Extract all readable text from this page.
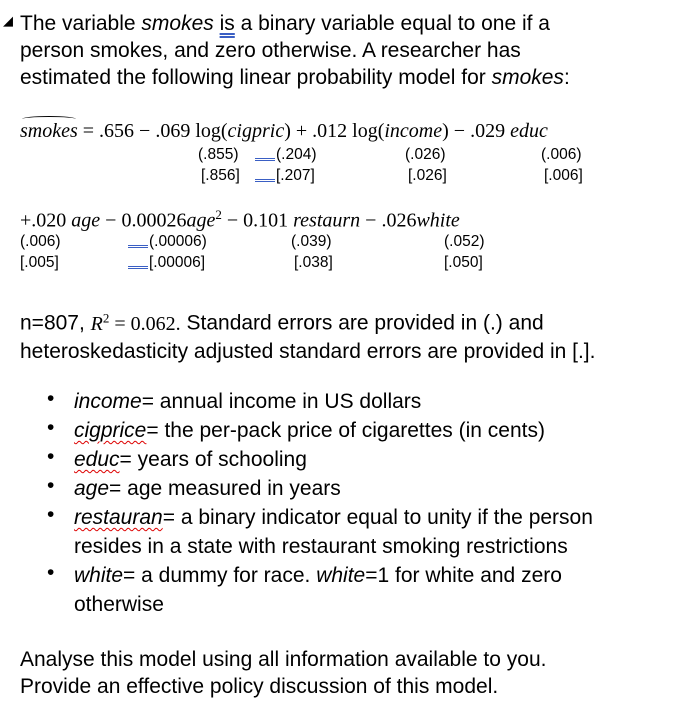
◢ The variable smokes is a binary variable equal to one if a
person smokes, and zero otherwise. A researcher has
estimated the following linear probability model for smokes:
smokes = .656 − .069 log(cigpric) + .012 log(income) − .029 educ
(.855)	(.204)	(.026)	(.006)
[.856]	[.207]	[.026]	[.006]
+.020 age − 0.00026age$^2$ − 0.101 restaurn − .026white
(.006)	(.00006)	(.039)	(.052)
[.005]	[.00006]	[.038]	[.050]
n=807, $R^2 = 0.062$. Standard errors are provided in (.) and
heteroskedasticity adjusted standard errors are provided in [.].
• income= annual income in US dollars
• cigprice= the per-pack price of cigarettes (in cents)
• educ= years of schooling
• age= age measured in years
• restauran= a binary indicator equal to unity if the person
resides in a state with restaurant smoking restrictions
• white= a dummy for race. white=1 for white and zero
otherwise
Analyse this model using all information available to you.
Provide an effective policy discussion of this model.
